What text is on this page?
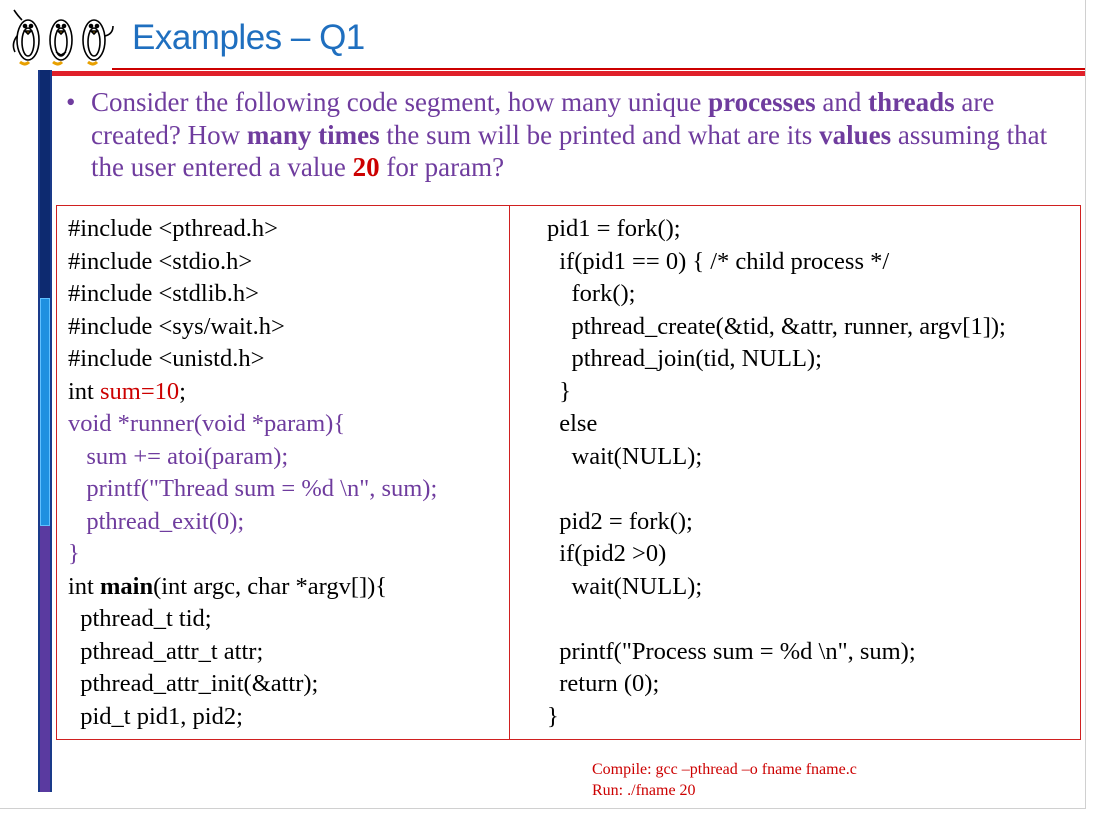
Examples – Q1
• Consider the following code segment, how many unique processes and threads are created? How many times the sum will be printed and what are its values assuming that the user entered a value 20 for param?
#include <pthread.h>
#include <stdio.h>
#include <stdlib.h>
#include <sys/wait.h>
#include <unistd.h>
int sum=10;
void *runner(void *param){
sum += atoi(param);
printf("Thread sum = %d \n", sum);
pthread_exit(0);
}
int main(int argc, char *argv[]){
pthread_t tid;
pthread_attr_t attr;
pthread_attr_init(&attr);
pid_t pid1, pid2;
pid1 = fork();
if(pid1 == 0) { /* child process */
fork();
pthread_create(&tid, &attr, runner, argv[1]);
pthread_join(tid, NULL);
}
else
wait(NULL);
pid2 = fork();
if(pid2 >0)
wait(NULL);
printf("Process sum = %d \n", sum);
return (0);
}
Compile: gcc –pthread –o fname fname.c
Run: ./fname 20
